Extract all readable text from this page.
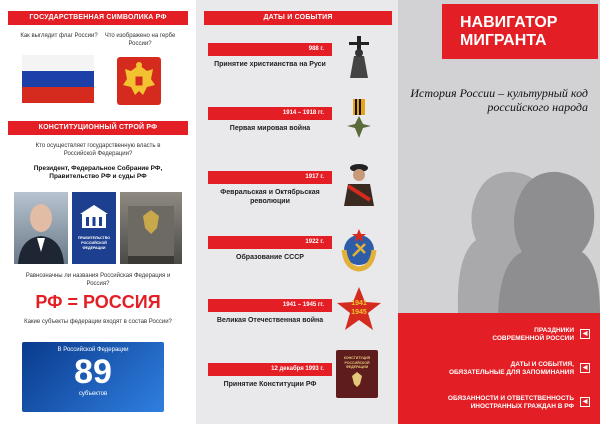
ГОСУДАРСТВЕННАЯ СИМВОЛИКА РФ
Как выглядит флаг России?	Что изображено на гербе России?
КОНСТИТУЦИОННЫЙ СТРОЙ РФ
Кто осуществляет государственную власть в Российской Федерации?
Президент, Федеральное Собрание РФ, Правительство РФ и суды РФ
ПРАВИТЕЛЬСТВО РОССИЙСКОЙ ФЕДЕРАЦИИ
Равнозначны ли названия Российская Федерация и Россия?
РФ = РОССИЯ
Какие субъекты федерации входят в состав России?
В Российской Федерации
89
субъектов
ДАТЫ И СОБЫТИЯ
988 г.
Принятие христианства на Руси
1914 – 1918 гг.
Первая мировая война
1917 г.
Февральская и Октябрьская революции
1922 г.
Образование СССР
1941 – 1945 гг.
Великая Отечественная война
1941
1945
12 декабря 1993 г.
Принятие Конституции РФ
КОНСТИТУЦИЯ РОССИЙСКОЙ ФЕДЕРАЦИИ
НАВИГАТОР МИГРАНТА
История России – культурный код российского народа
ПРАЗДНИКИ
СОВРЕМЕННОЙ РОССИИ
◀
ДАТЫ И СОБЫТИЯ,
ОБЯЗАТЕЛЬНЫЕ ДЛЯ ЗАПОМИНАНИЯ
◀
ОБЯЗАННОСТИ И ОТВЕТСТВЕННОСТЬ
ИНОСТРАННЫХ ГРАЖДАН В РФ
◀
